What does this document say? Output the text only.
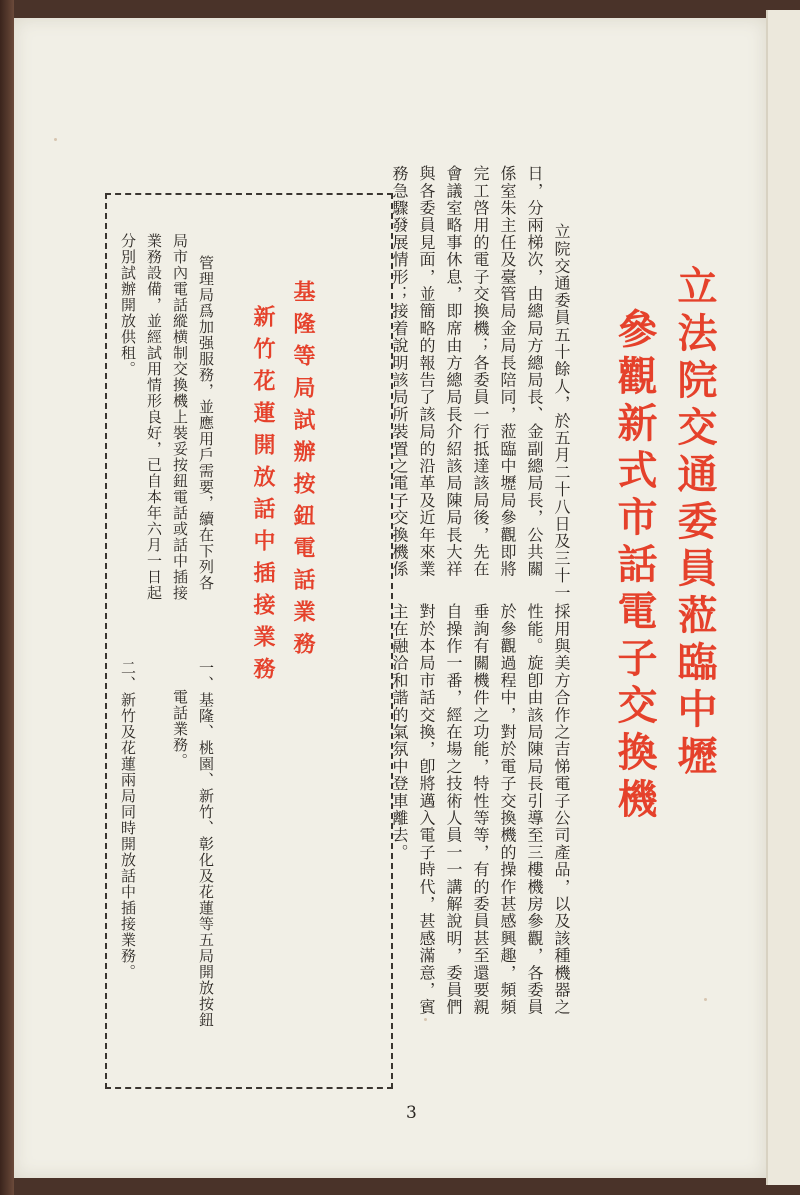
立法院交通委員蒞臨中壢
參觀新式市話電子交換機
立院交通委員五十餘人，於五月二十八日及三十一
日，分兩梯次，由總局方總局長、金副總局長，公共關
係室朱主任及臺管局金局長陪同，蒞臨中壢局參觀即將
完工啓用的電子交換機；各委員一行抵達該局後，先在
會議室略事休息，即席由方總局長介紹該局陳局長大祥
與各委員見面，並簡略的報告了該局的沿革及近年來業
務急驟發展情形；接着說明該局所裝置之電子交換機係
採用與美方合作之吉悌電子公司產品，以及該種機器之
性能。旋卽由該局陳局長引導至三樓機房參觀，各委員
於參觀過程中，對於電子交換機的操作甚感興趣，頻頻
垂詢有關機件之功能，特性等等，有的委員甚至還要親
自操作一番，經在場之技術人員一一講解說明，委員們
對於本局市話交換，卽將邁入電子時代，甚感滿意，賓
主在融洽和諧的氣氛中登車離去。
基隆等局試辦按鈕電話業務
新竹花蓮開放話中插接業務
管理局爲加强服務，並應用戶需要，續在下列各
局市內電話縱横制交換機上裝妥按鈕電話或話中插接
業務設備，並經試用情形良好，已自本年六月一日起
分別試辦開放供租。
一、基隆、桃園、新竹、彰化及花蓮等五局開放按鈕
電話業務。
二、新竹及花蓮兩局同時開放話中插接業務。
3
